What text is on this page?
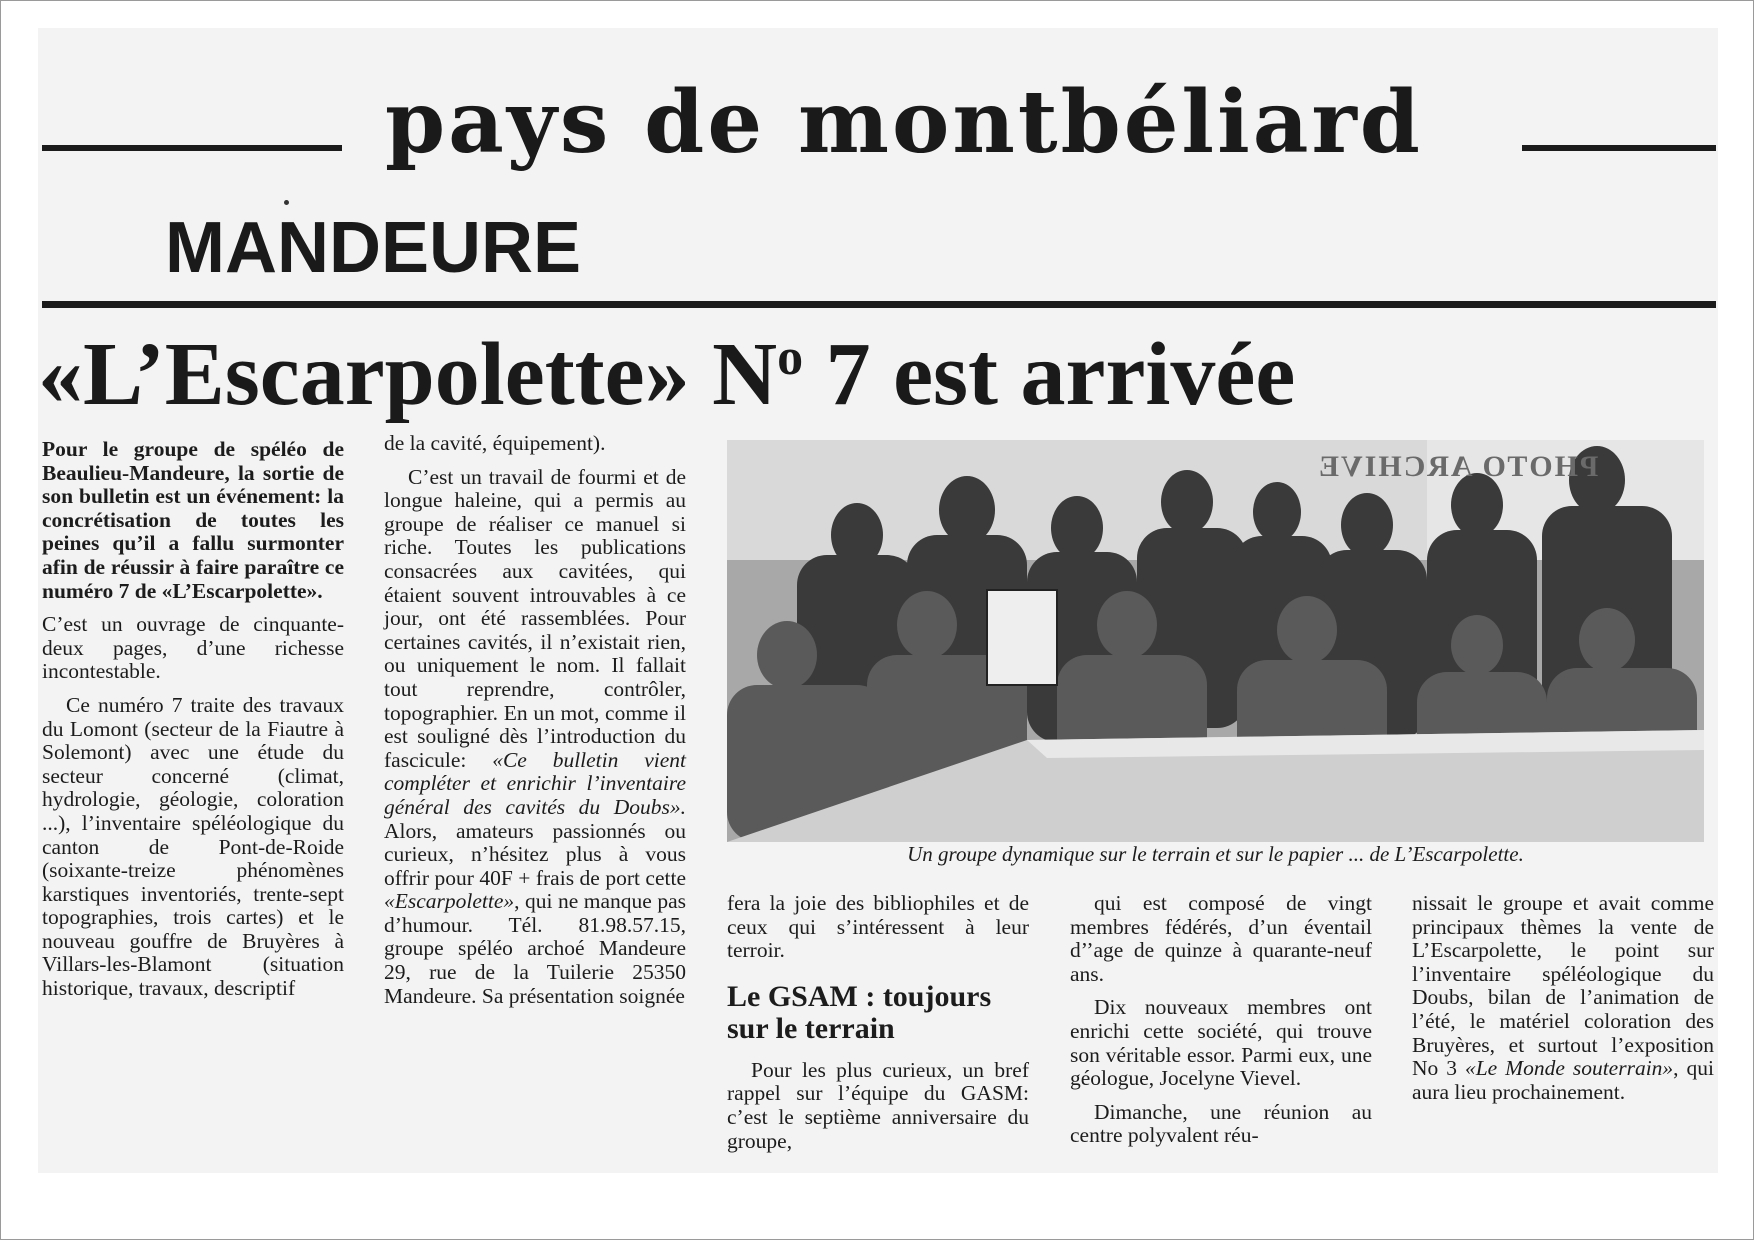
pays de montbéliard
MANDEURE
«L’Escarpolette» $N^o$ 7 est arrivée

Pour le groupe de spéléo de Beaulieu-Mandeure, la sortie de son bulletin est un événement: la concrétisation de toutes les peines qu’il a fallu surmonter afin de réussir à faire paraître ce numéro 7 de «L’Escarpolette».

C’est un ouvrage de cinquante-deux pages, d’une richesse incontestable.

Ce numéro 7 traite des travaux du Lomont (secteur de la Fiautre à Solemont) avec une étude du secteur concerné (climat, hydrologie, géologie, coloration ...), l’inventaire spéléologique du canton de Pont-de-Roide (soixante-treize phénomènes karstiques inventoriés, trente-sept topographies, trois cartes) et le nouveau gouffre de Bruyères à Villars-les-Blamont (situation historique, travaux, descriptif

de la cavité, équipement).

C’est un travail de fourmi et de longue haleine, qui a permis au groupe de réaliser ce manuel si riche. Toutes les publications consacrées aux cavitées, qui étaient souvent introuvables à ce jour, ont été rassemblées. Pour certaines cavités, il n’existait rien, ou uniquement le nom. Il fallait tout reprendre, contrôler, topographier. En un mot, comme il est souligné dès l’introduction du fascicule: «Ce bulletin vient compléter et enrichir l’inventaire général des cavités du Doubs». Alors, amateurs passionnés ou curieux, n’hésitez plus à vous offrir pour 40F + frais de port cette «Escarpolette», qui ne manque pas d’humour. Tél. 81.98.57.15, groupe spéléo archoé Mandeure 29, rue de la Tuilerie 25350 Mandeure. Sa présentation soignée

PHOTO ARCHIVE
Un groupe dynamique sur le terrain et sur le papier ... de L’Escarpolette.

fera la joie des bibliophiles et de ceux qui s’intéressent à leur terroir.

Le GSAM : toujours sur le terrain

Pour les plus curieux, un bref rappel sur l’équipe du GASM: c’est le septième anniversaire du groupe,

qui est composé de vingt membres fédérés, d’un éventail d’’age de quinze à quarante-neuf ans.

Dix nouveaux membres ont enrichi cette société, qui trouve son véritable essor. Parmi eux, une géologue, Jocelyne Vievel.

Dimanche, une réunion au centre polyvalent réu-

nissait le groupe et avait comme principaux thèmes la vente de L’Escarpolette, le point sur l’inventaire spéléologique du Doubs, bilan de l’animation de l’été, le matériel coloration des Bruyères, et surtout l’exposition No 3 «Le Monde souterrain», qui aura lieu prochainement.
